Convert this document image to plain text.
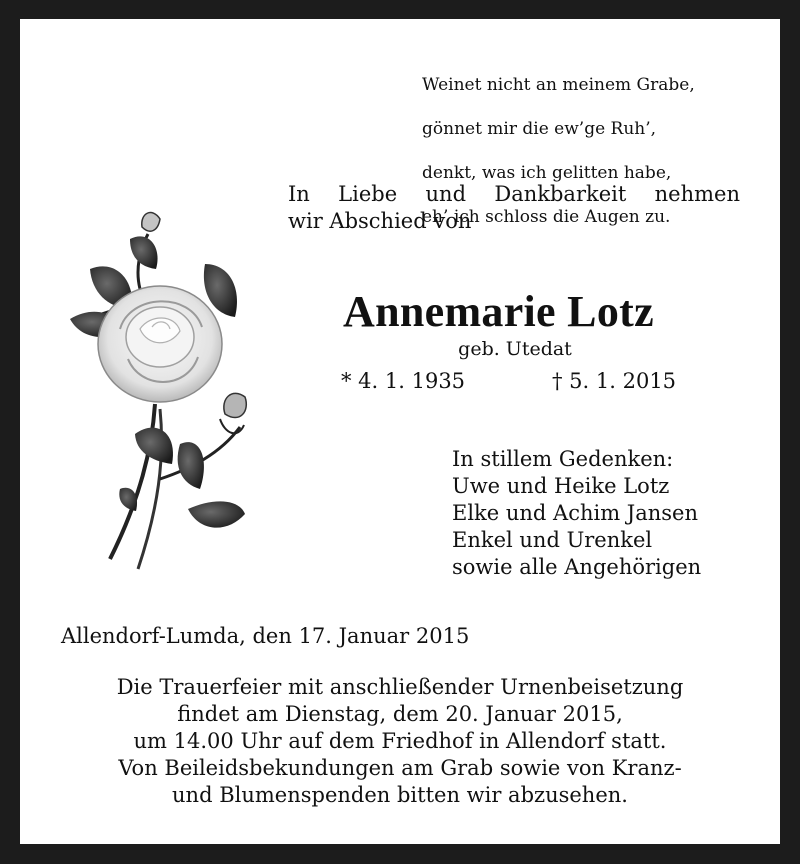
Weinet nicht an meinem Grabe,

gönnet mir die ew’ge Ruh’,

denkt, was ich gelitten habe,

eh’ ich schloss die Augen zu.

In Liebe und Dankbarkeit nehmen
wir Abschied von
Annemarie Lotz
geb. Utedat
* 4. 1. 1935	† 5. 1. 2015
In stillem Gedenken:
Uwe und Heike Lotz
Elke und Achim Jansen
Enkel und Urenkel
sowie alle Angehörigen
Allendorf-Lumda, den 17. Januar 2015
Die Trauerfeier mit anschließender Urnenbeisetzung
findet am Dienstag, dem 20. Januar 2015,
um 14.00 Uhr auf dem Friedhof in Allendorf statt.
Von Beileidsbekundungen am Grab sowie von Kranz-
und Blumenspenden bitten wir abzusehen.
